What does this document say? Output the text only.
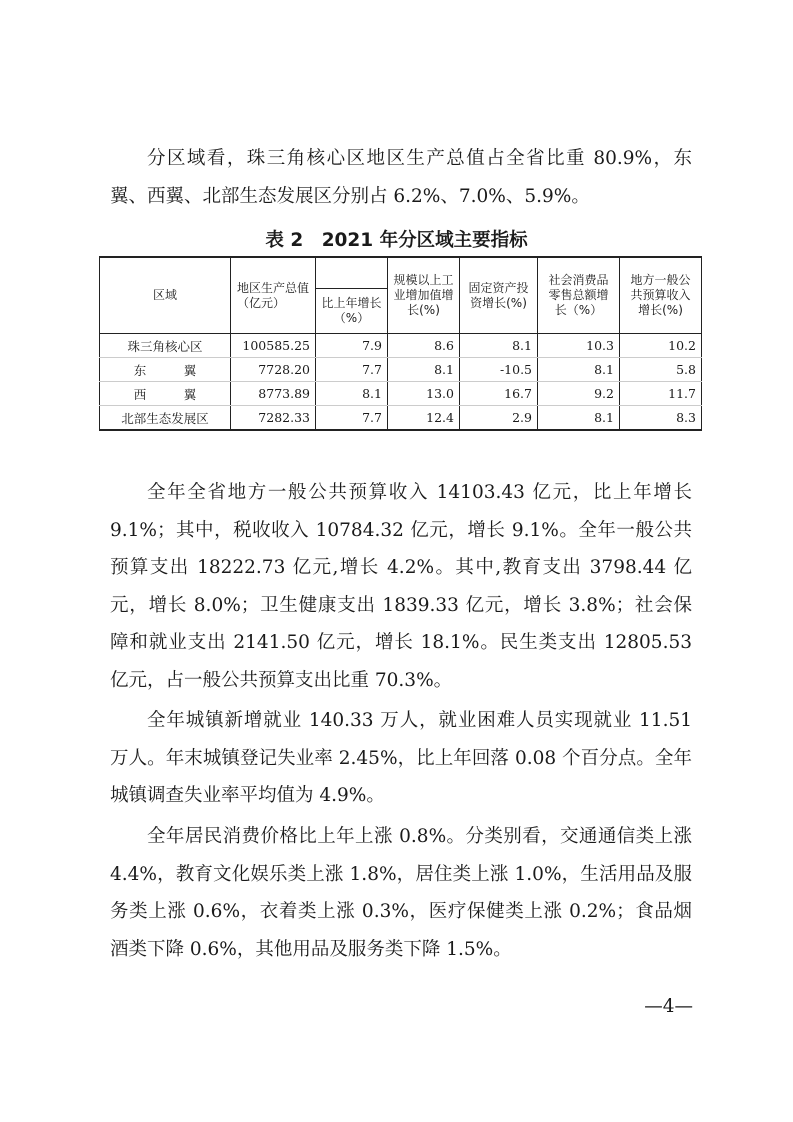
分区域看，珠三角核心区地区生产总值占全省比重 80.9%，东翼、西翼、北部生态发展区分别占 6.2%、7.0%、5.9%。

表 2　2021 年分区域主要指标
区域	地区生产总值（亿元）		规模以上工业增加值增长(%)	固定资产投资增长(%)	社会消费品零售总额增长（%）	地方一般公共预算收入增长(%)
		比上年增长（%）				
珠三角核心区	100585.25	7.9	8.6	8.1	10.3	10.2
东　　　翼	7728.20	7.7	8.1	-10.5	8.1	5.8
西　　　翼	8773.89	8.1	13.0	16.7	9.2	11.7
北部生态发展区	7282.33	7.7	12.4	2.9	8.1	8.3

全年全省地方一般公共预算收入 14103.43 亿元，比上年增长 9.1%；其中，税收收入 10784.32 亿元，增长 9.1%。全年一般公共预算支出 18222.73 亿元,增长 4.2%。其中,教育支出 3798.44 亿元，增长 8.0%；卫生健康支出 1839.33 亿元，增长 3.8%；社会保障和就业支出 2141.50 亿元，增长 18.1%。民生类支出 12805.53 亿元，占一般公共预算支出比重 70.3%。

全年城镇新增就业 140.33 万人，就业困难人员实现就业 11.51 万人。年末城镇登记失业率 2.45%，比上年回落 0.08 个百分点。全年城镇调查失业率平均值为 4.9%。

全年居民消费价格比上年上涨 0.8%。分类别看，交通通信类上涨 4.4%，教育文化娱乐类上涨 1.8%，居住类上涨 1.0%，生活用品及服务类上涨 0.6%，衣着类上涨 0.3%，医疗保健类上涨 0.2%；食品烟酒类下降 0.6%，其他用品及服务类下降 1.5%。

—4—
